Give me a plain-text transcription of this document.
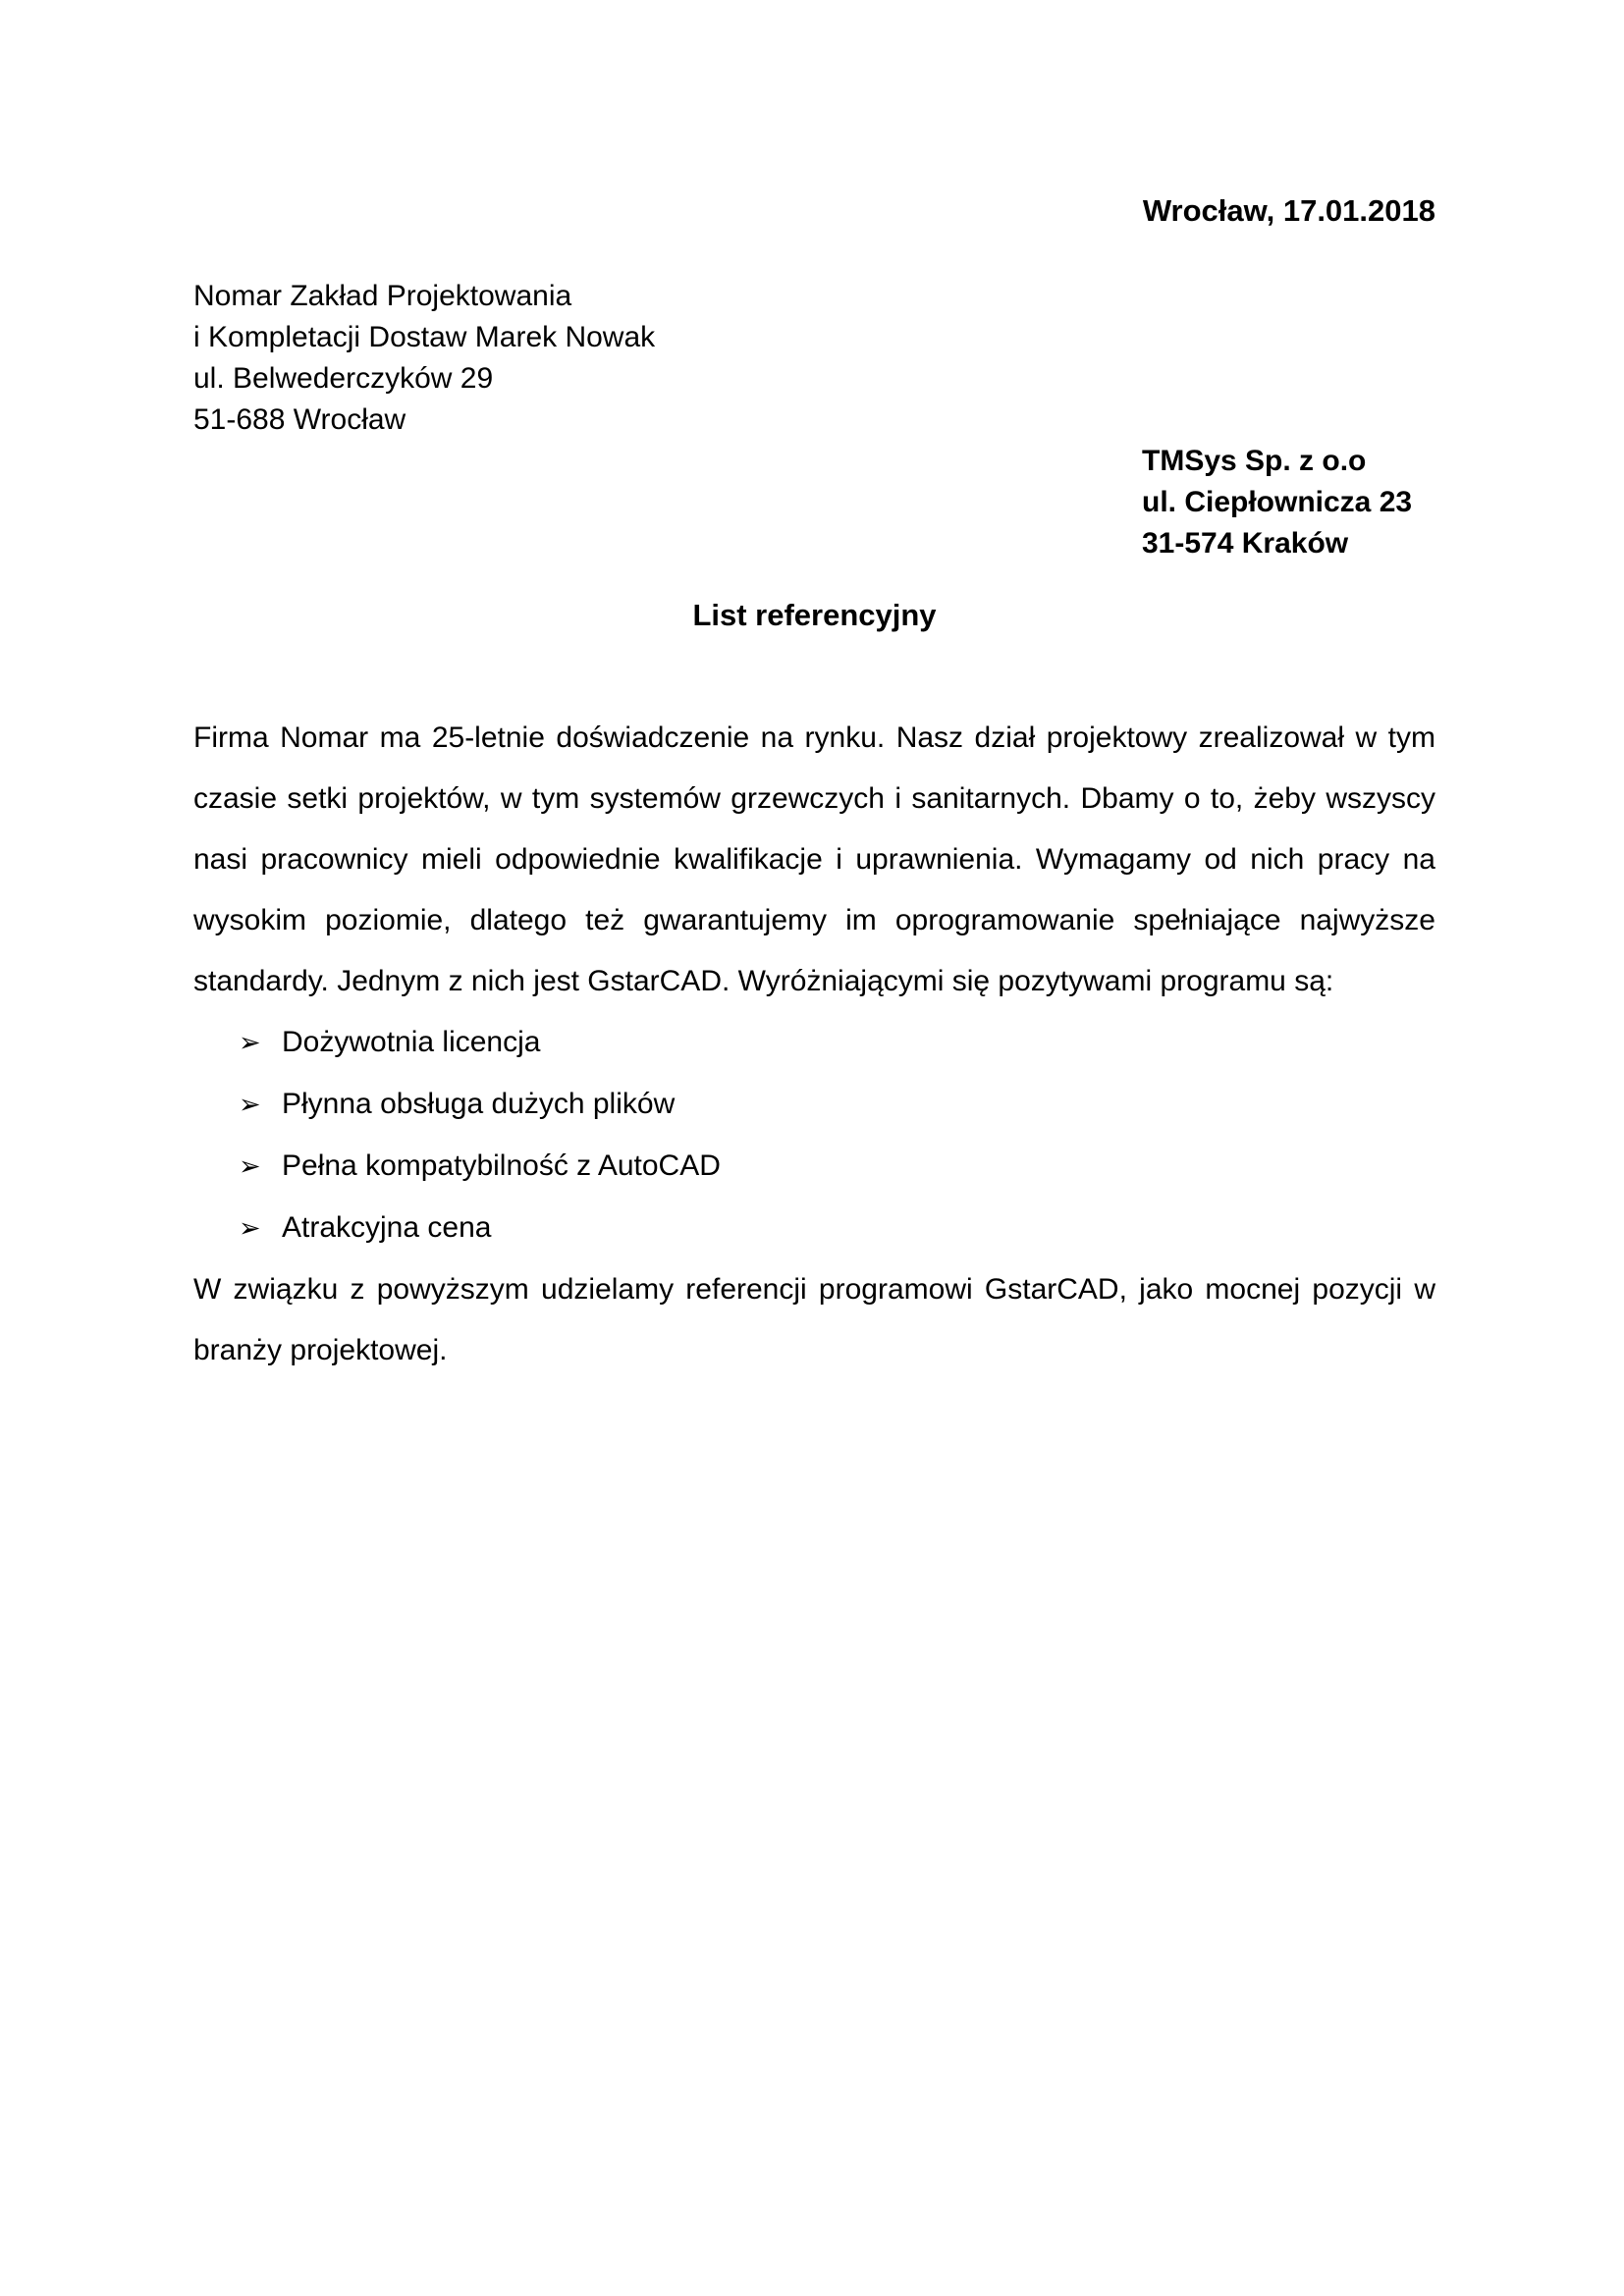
Wrocław, 17.01.2018
Nomar Zakład Projektowania
i Kompletacji Dostaw Marek Nowak
ul. Belwederczyków 29
51-688 Wrocław
TMSys Sp. z o.o
ul. Ciepłownicza 23
31-574 Kraków
List referencyjny
Firma Nomar ma 25-letnie doświadczenie na rynku. Nasz dział projektowy zrealizował w tym
czasie setki projektów, w tym systemów grzewczych i sanitarnych. Dbamy o to, żeby wszyscy
nasi pracownicy mieli odpowiednie kwalifikacje i uprawnienia. Wymagamy od nich pracy na
wysokim poziomie, dlatego też gwarantujemy im oprogramowanie spełniające najwyższe
standardy. Jednym z nich jest GstarCAD. Wyróżniającymi się pozytywami programu są:
➢ Dożywotnia licencja
➢ Płynna obsługa dużych plików
➢ Pełna kompatybilność z AutoCAD
➢ Atrakcyjna cena
W związku z powyższym udzielamy referencji programowi GstarCAD, jako mocnej pozycji w
branży projektowej.
